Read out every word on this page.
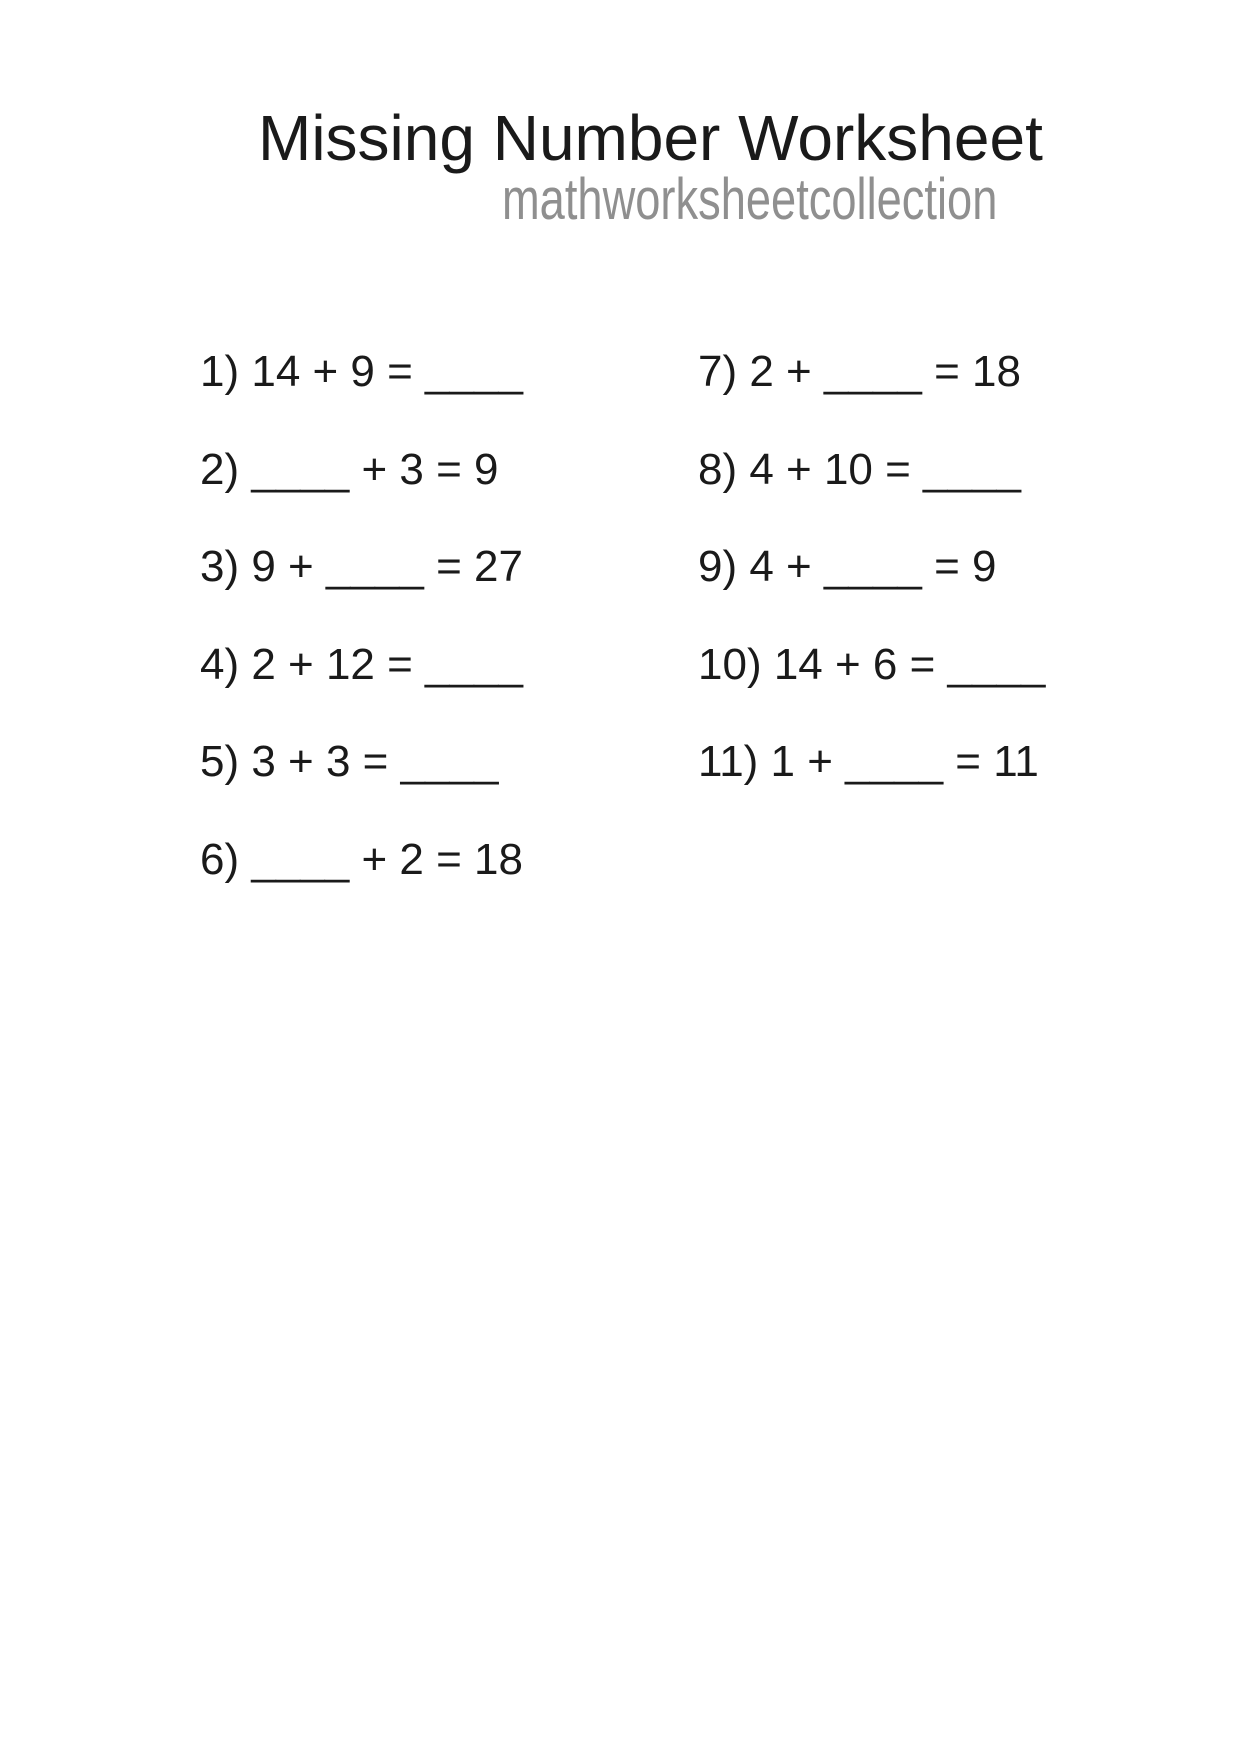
Missing Number Worksheet
mathworksheetcollection
1) 14 + 9 = ____
2) ____ + 3 = 9
3) 9 + ____ = 27
4) 2 + 12 = ____
5) 3 + 3 = ____
6) ____ + 2 = 18
7) 2 + ____ = 18
8) 4 + 10 = ____
9) 4 + ____ = 9
10) 14 + 6 = ____
11) 1 + ____ = 11
